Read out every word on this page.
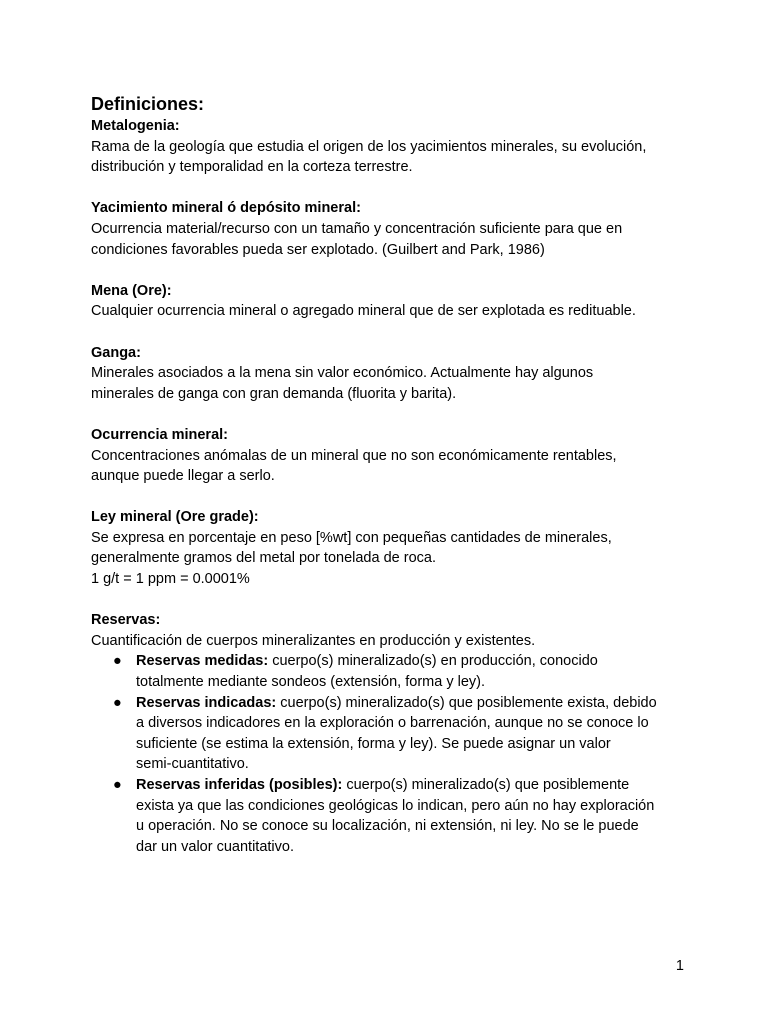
Definiciones:
Metalogenia:
Rama de la geología que estudia el origen de los yacimientos minerales, su evolución,
distribución y temporalidad en la corteza terrestre.
Yacimiento mineral ó depósito mineral:
Ocurrencia material/recurso con un tamaño y concentración suficiente para que en
condiciones favorables pueda ser explotado. (Guilbert and Park, 1986)
Mena (Ore):
Cualquier ocurrencia mineral o agregado mineral que de ser explotada es redituable.
Ganga:
Minerales asociados a la mena sin valor económico. Actualmente hay algunos
minerales de ganga con gran demanda (fluorita y barita).
Ocurrencia mineral:
Concentraciones anómalas de un mineral que no son económicamente rentables,
aunque puede llegar a serlo.
Ley mineral (Ore grade):
Se expresa en porcentaje en peso [%wt] con pequeñas cantidades de minerales,
generalmente gramos del metal por tonelada de roca.
1 g/t = 1 ppm = 0.0001%
Reservas:
Cuantificación de cuerpos mineralizantes en producción y existentes.
● Reservas medidas: cuerpo(s) mineralizado(s) en producción, conocido
totalmente mediante sondeos (extensión, forma y ley).
● Reservas indicadas: cuerpo(s) mineralizado(s) que posiblemente exista, debido
a diversos indicadores en la exploración o barrenación, aunque no se conoce lo
suficiente (se estima la extensión, forma y ley). Se puede asignar un valor
semi-cuantitativo.
● Reservas inferidas (posibles): cuerpo(s) mineralizado(s) que posiblemente
exista ya que las condiciones geológicas lo indican, pero aún no hay exploración
u operación. No se conoce su localización, ni extensión, ni ley. No se le puede
dar un valor cuantitativo.
1
